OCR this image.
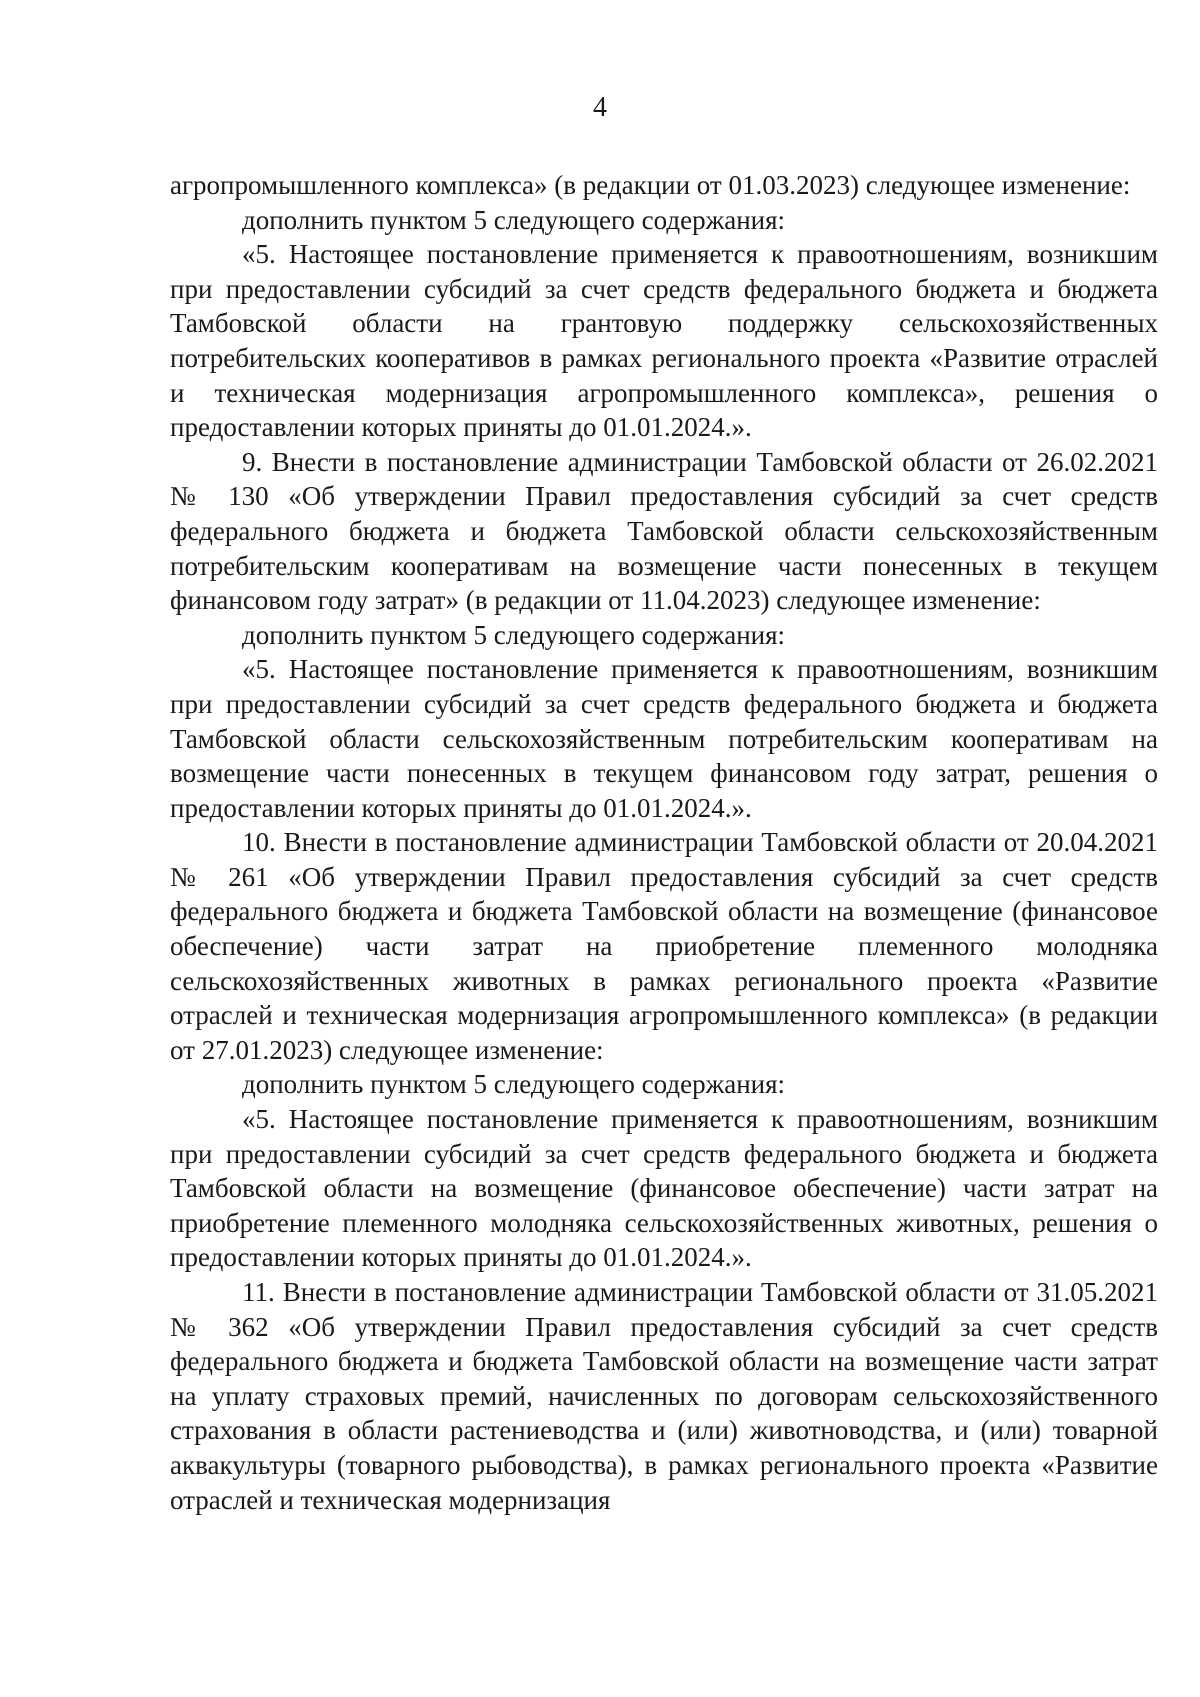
4

агропромышленного комплекса» (в редакции от 01.03.2023) следующее изменение:

дополнить пунктом 5 следующего содержания:

«5. Настоящее постановление применяется к правоотношениям, возникшим при предоставлении субсидий за счет средств федерального бюджета и бюджета Тамбовской области на грантовую поддержку сельскохозяйственных потребительских кооперативов в рамках регионального проекта «Развитие отраслей и техническая модернизация агропромышленного комплекса», решения о предоставлении которых приняты до 01.01.2024.».

9. Внести в постановление администрации Тамбовской области от 26.02.2021 № 130 «Об утверждении Правил предоставления субсидий за счет средств федерального бюджета и бюджета Тамбовской области сельскохозяйственным потребительским кооперативам на возмещение части понесенных в текущем финансовом году затрат» (в редакции от 11.04.2023) следующее изменение:

дополнить пунктом 5 следующего содержания:

«5. Настоящее постановление применяется к правоотношениям, возникшим при предоставлении субсидий за счет средств федерального бюджета и бюджета Тамбовской области сельскохозяйственным потребительским кооперативам на возмещение части понесенных в текущем финансовом году затрат, решения о предоставлении которых приняты до 01.01.2024.».

10. Внести в постановление администрации Тамбовской области от 20.04.2021 № 261 «Об утверждении Правил предоставления субсидий за счет средств федерального бюджета и бюджета Тамбовской области на возмещение (финансовое обеспечение) части затрат на приобретение племенного молодняка сельскохозяйственных животных в рамках регионального проекта «Развитие отраслей и техническая модернизация агропромышленного комплекса» (в редакции от 27.01.2023) следующее изменение:

дополнить пунктом 5 следующего содержания:

«5. Настоящее постановление применяется к правоотношениям, возникшим при предоставлении субсидий за счет средств федерального бюджета и бюджета Тамбовской области на возмещение (финансовое обеспечение) части затрат на приобретение племенного молодняка сельскохозяйственных животных, решения о предоставлении которых приняты до 01.01.2024.».

11. Внести в постановление администрации Тамбовской области от 31.05.2021 № 362 «Об утверждении Правил предоставления субсидий за счет средств федерального бюджета и бюджета Тамбовской области на возмещение части затрат на уплату страховых премий, начисленных по договорам сельскохозяйственного страхования в области растениеводства и (или) животноводства, и (или) товарной аквакультуры (товарного рыбоводства), в рамках регионального проекта «Развитие отраслей и техническая модернизация
